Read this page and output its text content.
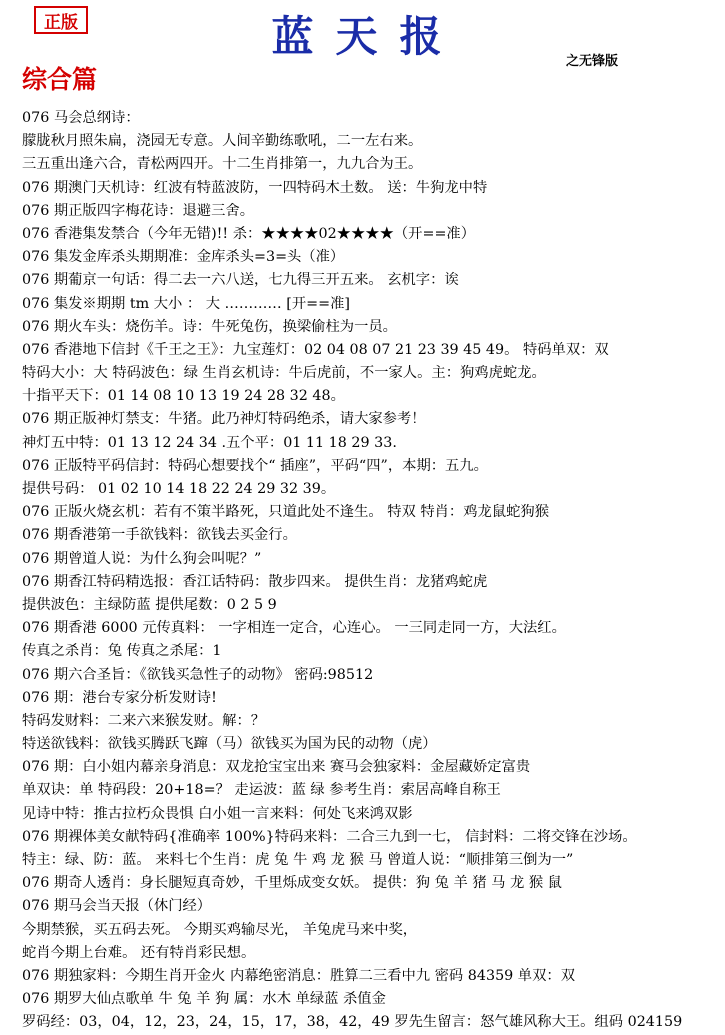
正版	蓝天报
之无锋版
综合篇
076 马会总纲诗：
朦胧秋月照朱扁，浇园无专意。人间辛勤练歌吼，二一左右来。
三五重出逢六合，青松两四开。十二生肖排第一，九九合为王。
076 期澳门天机诗：红波有特蓝波防，一四特码木土数。 送：牛狗龙中特
076 期正版四字梅花诗：退避三舍。
076 香港集发禁合（今年无错)!! 杀：★★★★02★★★★（开==准）
076 集发金库杀头期期准：金库杀头=3=头（准）
076 期葡京一句话：得二去一六八送，七九得三开五来。 玄机字：诶
076 集发※期期 tm 大小 ： 大 ………… [开==准]
076 期火车头：烧伤羊。诗：牛死兔伤，换梁偷柱为一员。
076 香港地下信封《千王之王》：九宝莲灯：02 04 08 07 21 23 39 45 49。 特码单双：双
特码大小：大 特码波色：绿 生肖玄机诗：牛后虎前，不一家人。主：狗鸡虎蛇龙。
十指平天下：01 14 08 10 13 19 24 28 32 48。
076 期正版神灯禁支：牛猪。此乃神灯特码绝杀，请大家参考！
神灯五中特：01 13 12 24 34 .五个平：01 11 18 29 33.
076 正版特平码信封：特码心想要找个“ 插座”，平码“四”，本期：五九。
提供号码： 01 02 10 14 18 22 24 29 32 39。
076 正版火烧玄机：若有不策半路死，只道此处不逢生。 特双 特肖：鸡龙鼠蛇狗猴
076 期香港第一手欲钱料：欲钱去买金行。
076 期曾道人说：为什么狗会叫呢？”
076 期香江特码精选报：香江话特码：散步四来。 提供生肖：龙猪鸡蛇虎
提供波色：主绿防蓝 提供尾数：0 2 5 9
076 期香港 6000 元传真料： 一字相连一定合，心连心。 一三同走同一方，大法红。
传真之杀肖：兔 传真之杀尾：1
076 期六合圣旨：《欲钱买急性子的动物》 密码:98512
076 期：港台专家分析发财诗!
特码发财料：二来六来猴发财。解：？
特送欲钱料：欲钱买腾跃飞蹿（马）欲钱买为国为民的动物（虎）
076 期：白小姐内幕亲身消息：双龙抢宝宝出来 赛马会独家料：金屋藏娇定富贵
单双诀：单 特码段：20+18=？ 走运波：蓝 绿 参考生肖：索居高峰自称王
见诗中特：推古拉朽众畏惧 白小姐一言来料：何处飞来鸿双影
076 期裸体美女献特码{准确率 100%}特码来料：二合三九到一七， 信封料：二将交锋在沙场。
特主：绿、防：蓝。 来料七个生肖：虎 兔 牛 鸡 龙 猴 马 曾道人说：“顺排第三倒为一”
076 期奇人透肖：身长腿短真奇妙，千里烁成变女妖。 提供：狗 兔 羊 猪 马 龙 猴 鼠
076 期马会当天报（休门经）
今期禁猴，买五码去死。 今期买鸡输尽光， 羊兔虎马来中奖，
蛇肖今期上台难。 还有特肖彩民想。
076 期独家料：今期生肖开金火 内幕绝密消息：胜算二三看中九 密码 84359 单双：双
076 期罗大仙点歌单 牛 兔 羊 狗 属：水木 单绿蓝 杀值金
罗码经：03，04，12，23，24，15，17，38，42，49 罗先生留言：怒气雄风称大王。组码 024159
